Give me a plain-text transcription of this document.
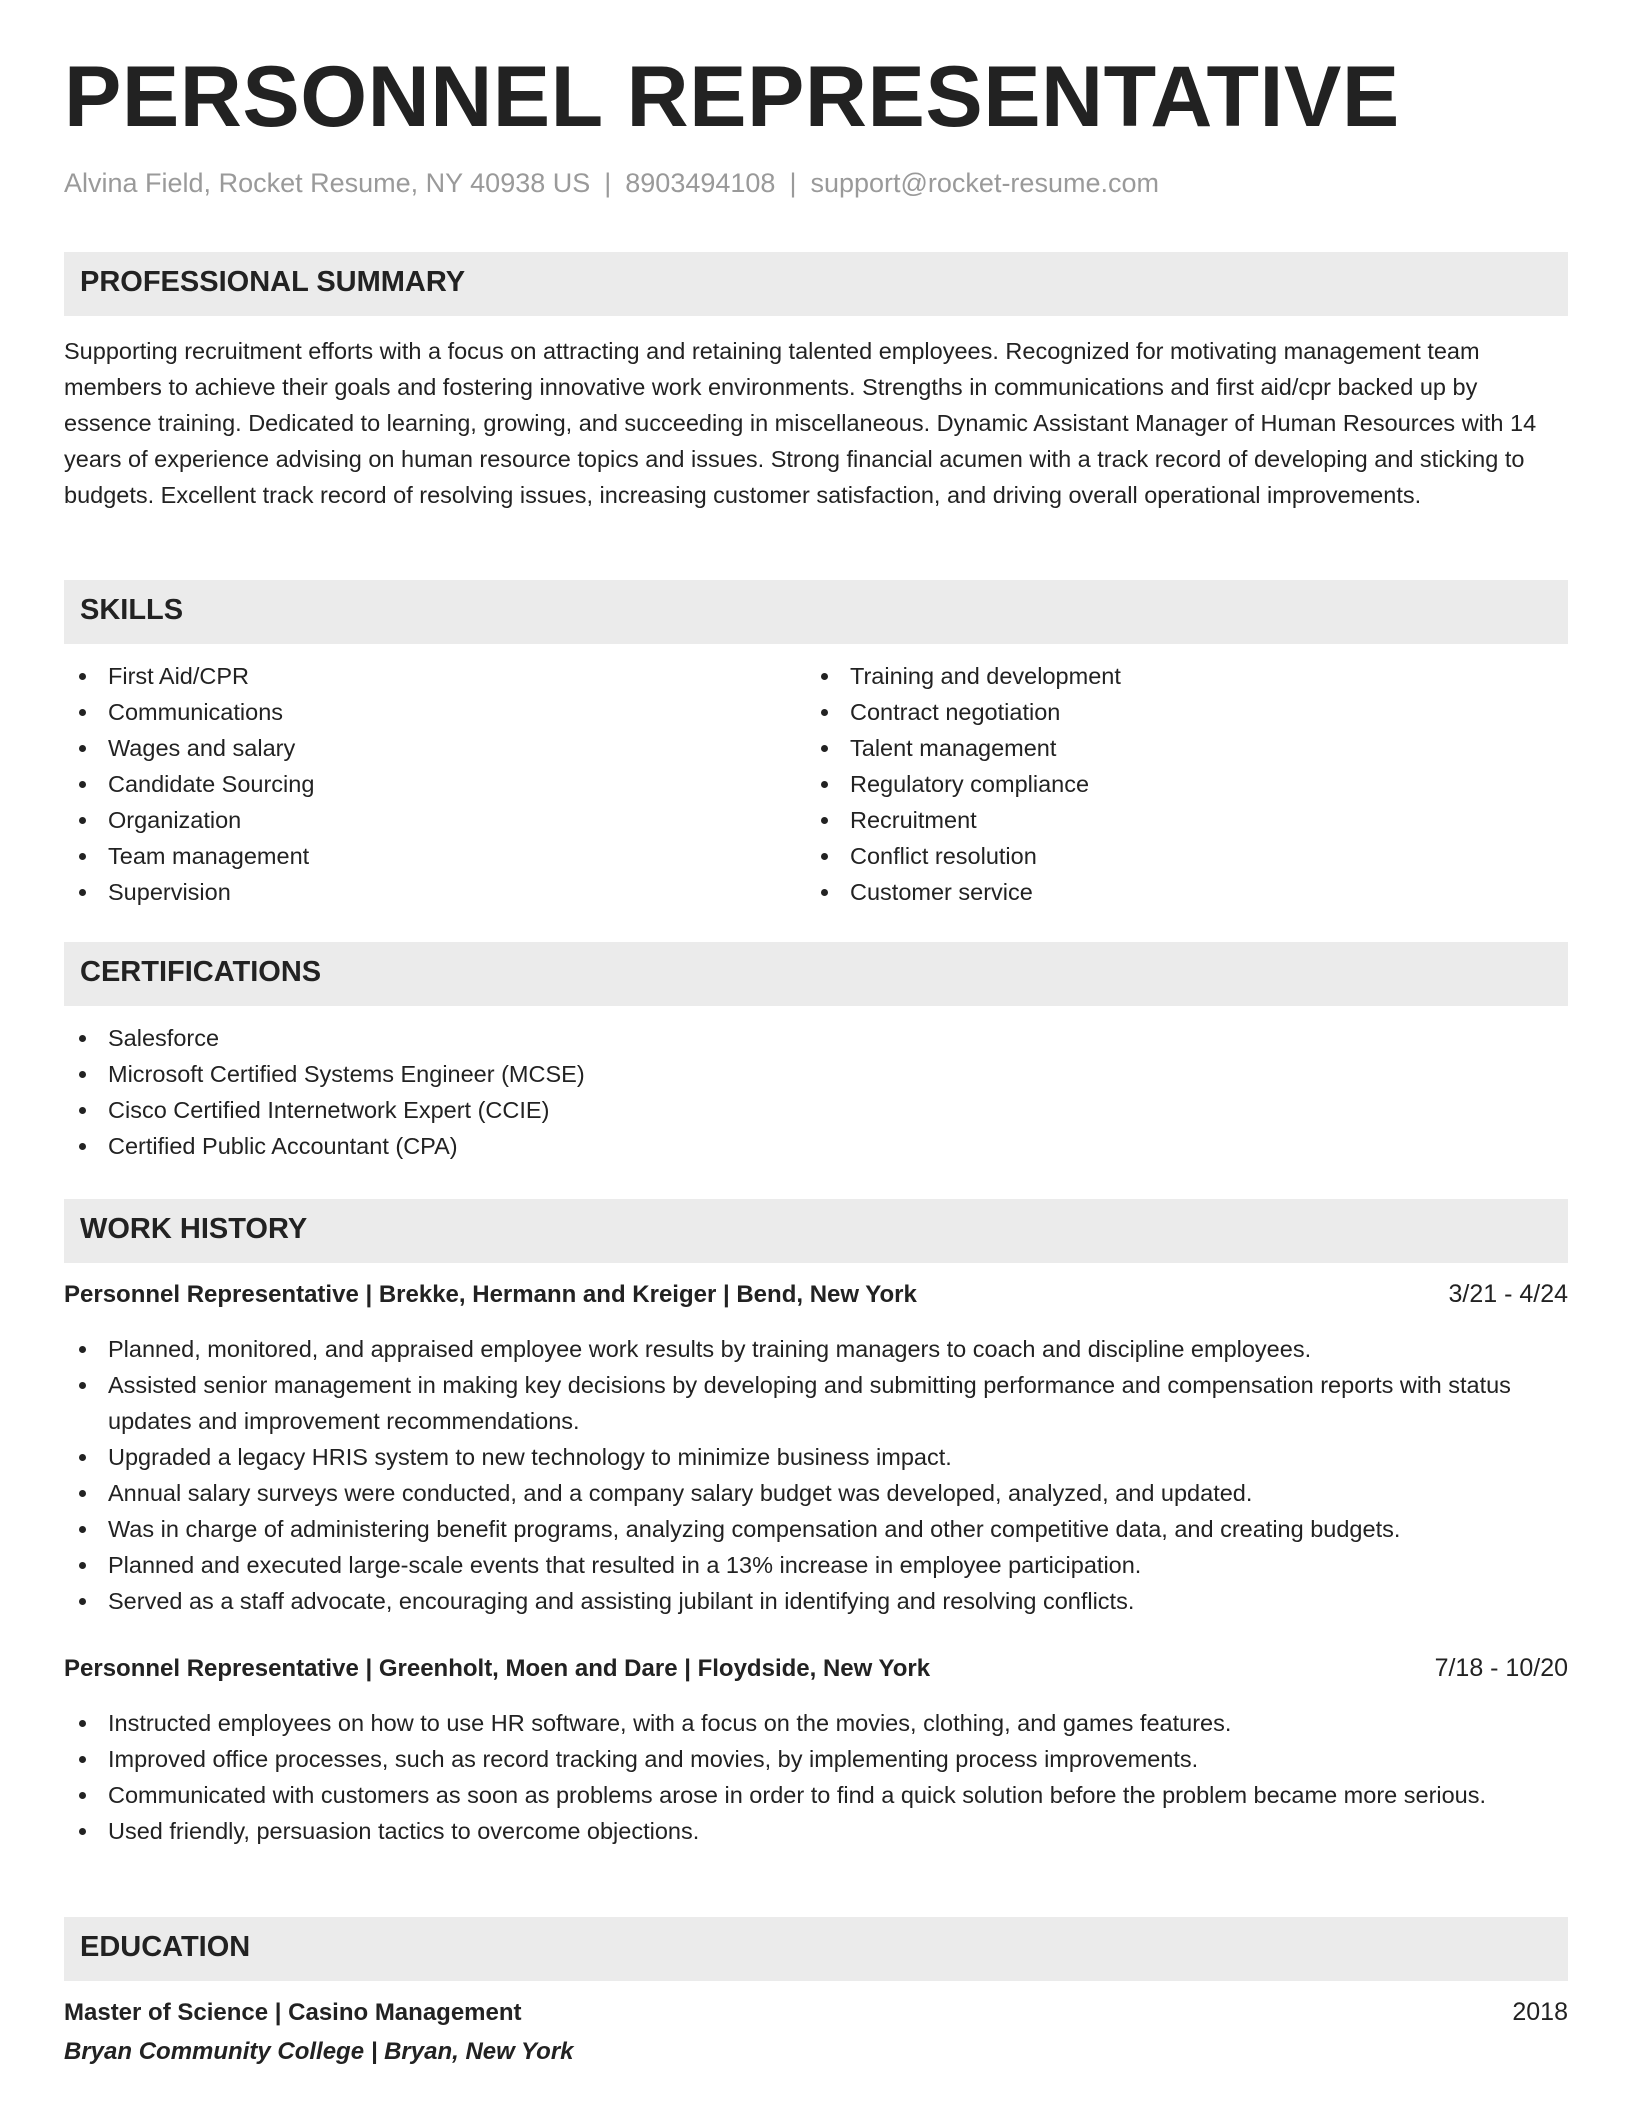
PERSONNEL REPRESENTATIVE
Alvina Field, Rocket Resume, NY 40938 US | 8903494108 | support@rocket-resume.com
PROFESSIONAL SUMMARY
Supporting recruitment efforts with a focus on attracting and retaining talented employees. Recognized for motivating management team members to achieve their goals and fostering innovative work environments. Strengths in communications and first aid/cpr backed up by essence training. Dedicated to learning, growing, and succeeding in miscellaneous. Dynamic Assistant Manager of Human Resources with 14 years of experience advising on human resource topics and issues. Strong financial acumen with a track record of developing and sticking to budgets. Excellent track record of resolving issues, increasing customer satisfaction, and driving overall operational improvements.
SKILLS
First Aid/CPR
Communications
Wages and salary
Candidate Sourcing
Organization
Team management
Supervision
Training and development
Contract negotiation
Talent management
Regulatory compliance
Recruitment
Conflict resolution
Customer service
CERTIFICATIONS
Salesforce
Microsoft Certified Systems Engineer (MCSE)
Cisco Certified Internetwork Expert (CCIE)
Certified Public Accountant (CPA)
WORK HISTORY
Personnel Representative | Brekke, Hermann and Kreiger | Bend, New York	3/21 - 4/24
Planned, monitored, and appraised employee work results by training managers to coach and discipline employees.
Assisted senior management in making key decisions by developing and submitting performance and compensation reports with status updates and improvement recommendations.
Upgraded a legacy HRIS system to new technology to minimize business impact.
Annual salary surveys were conducted, and a company salary budget was developed, analyzed, and updated.
Was in charge of administering benefit programs, analyzing compensation and other competitive data, and creating budgets.
Planned and executed large-scale events that resulted in a 13% increase in employee participation.
Served as a staff advocate, encouraging and assisting jubilant in identifying and resolving conflicts.
Personnel Representative | Greenholt, Moen and Dare | Floydside, New York	7/18 - 10/20
Instructed employees on how to use HR software, with a focus on the movies, clothing, and games features.
Improved office processes, such as record tracking and movies, by implementing process improvements.
Communicated with customers as soon as problems arose in order to find a quick solution before the problem became more serious.
Used friendly, persuasion tactics to overcome objections.
EDUCATION
Master of Science | Casino Management	2018
Bryan Community College | Bryan, New York
